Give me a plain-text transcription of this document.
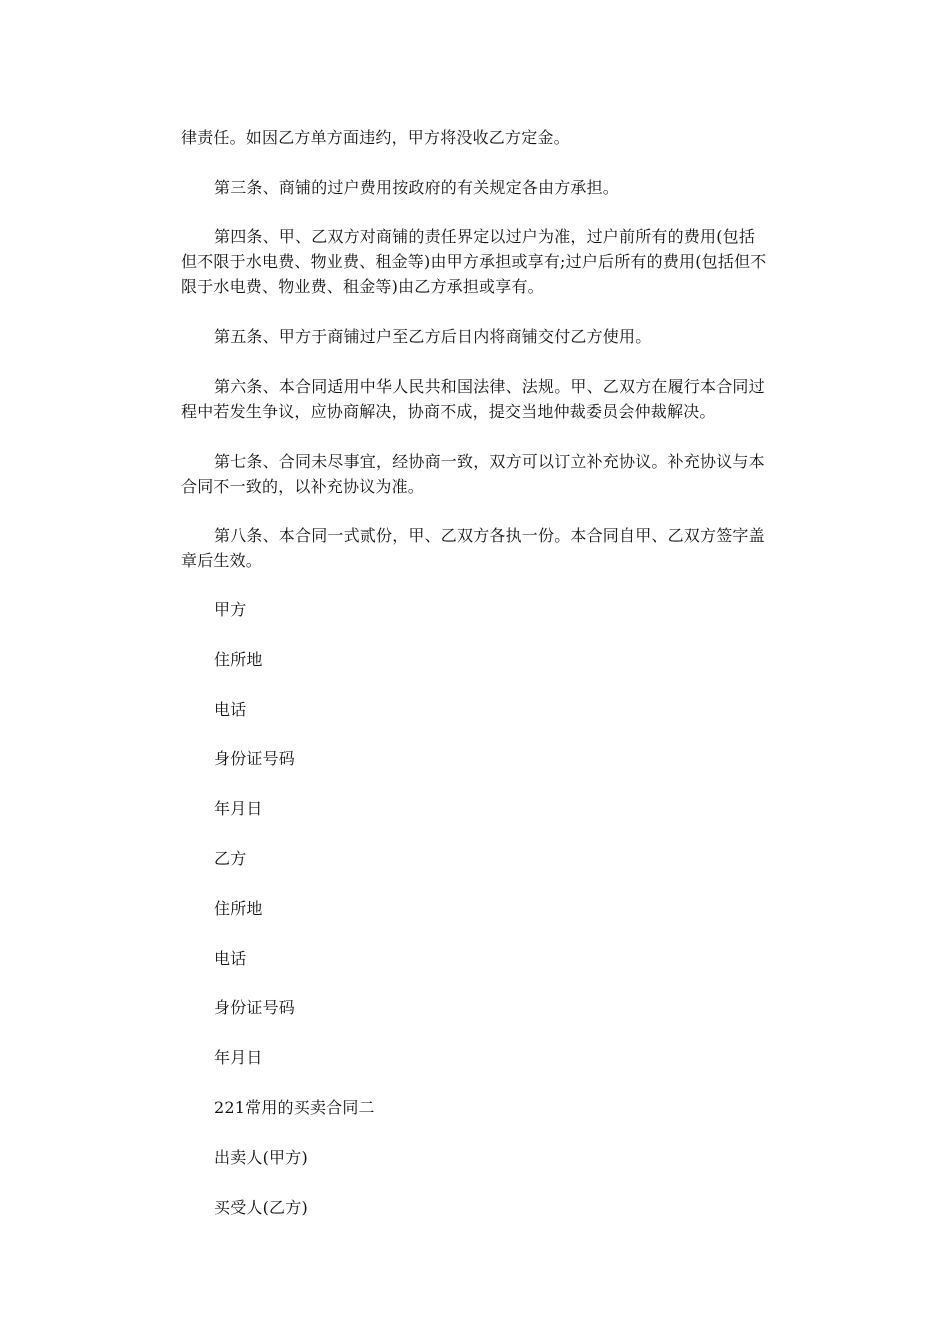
律责任。如因乙方单方面违约，甲方将没收乙方定金。

第三条、商铺的过户费用按政府的有关规定各由方承担。

第四条、甲、乙双方对商铺的责任界定以过户为准，过户前所有的费用(包括但不限于水电费、物业费、租金等)由甲方承担或享有;过户后所有的费用(包括但不限于水电费、物业费、租金等)由乙方承担或享有。

第五条、甲方于商铺过户至乙方后日内将商铺交付乙方使用。

第六条、本合同适用中华人民共和国法律、法规。甲、乙双方在履行本合同过程中若发生争议，应协商解决，协商不成，提交当地仲裁委员会仲裁解决。

第七条、合同未尽事宜，经协商一致，双方可以订立补充协议。补充协议与本合同不一致的，以补充协议为准。

第八条、本合同一式贰份，甲、乙双方各执一份。本合同自甲、乙双方签字盖章后生效。

甲方

住所地

电话

身份证号码

年月日

乙方

住所地

电话

身份证号码

年月日

221常用的买卖合同二

出卖人(甲方)

买受人(乙方)
